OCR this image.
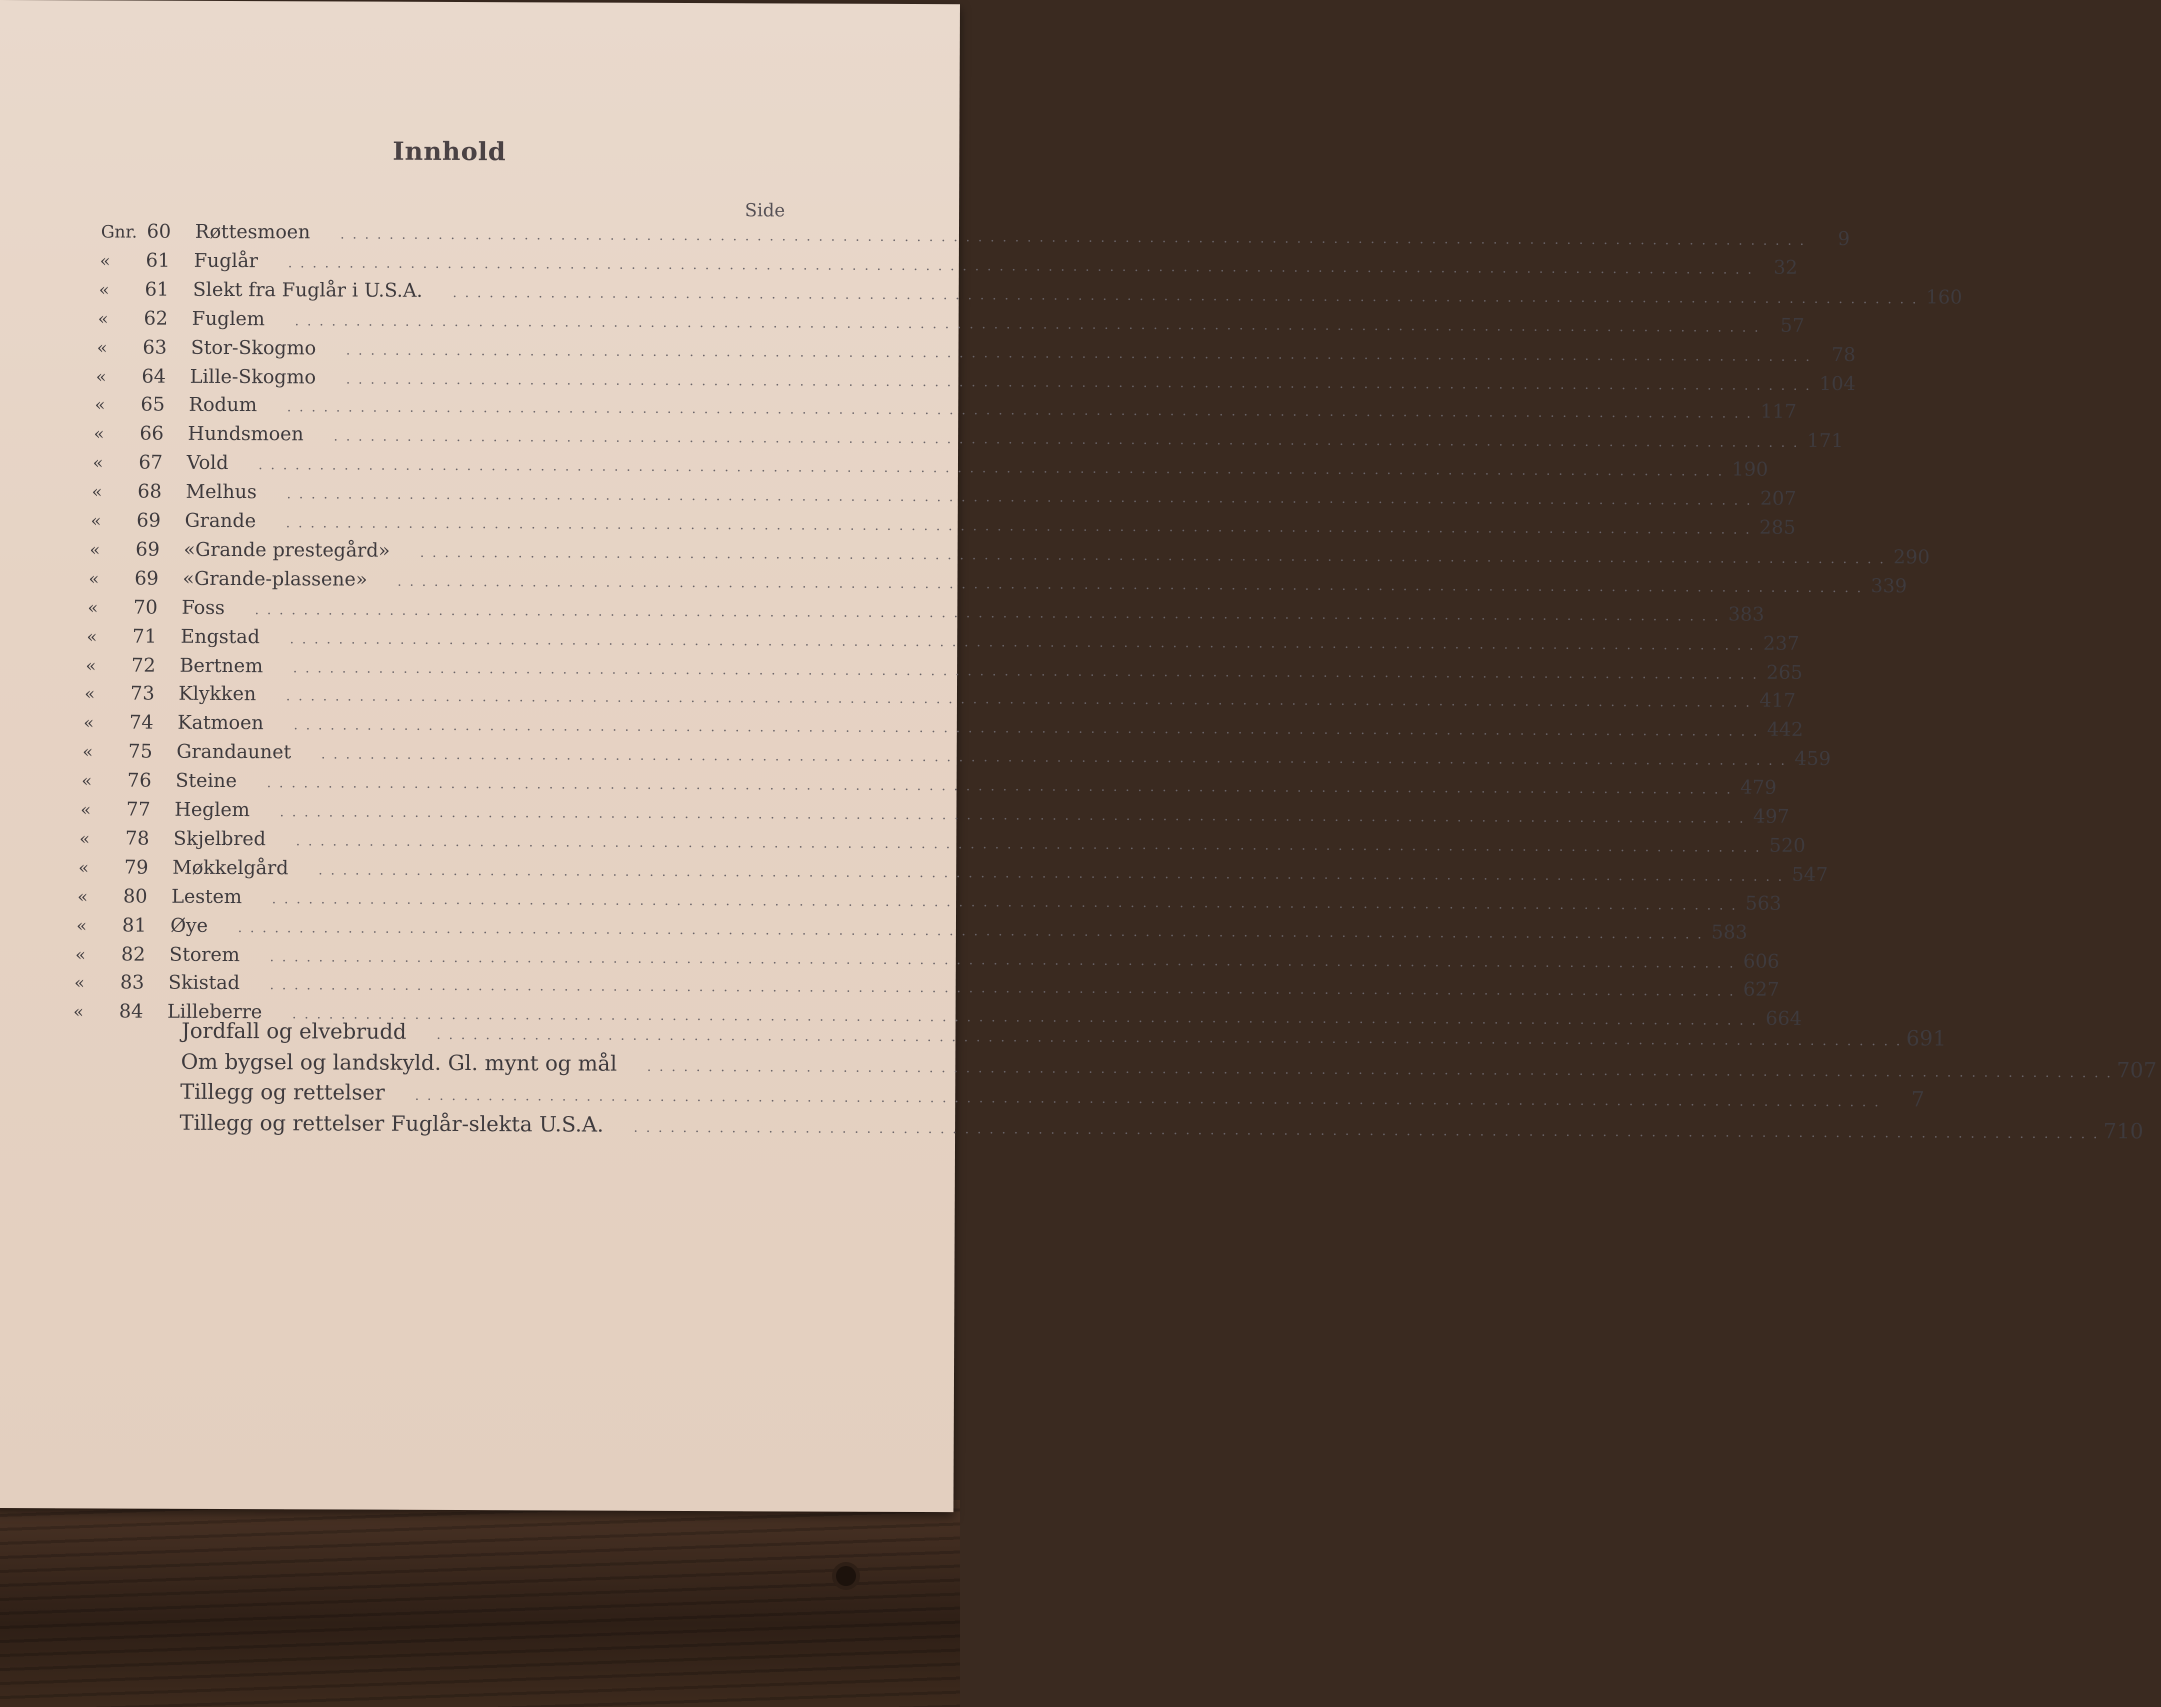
Innhold
Side
Gnr. 60	Røttesmoen	. . . . . . . . . . . . . . . . . . . . . . . . . . . . . . . . . . . . . . . . . . . . . . . . . . . . . . . . . . . . . . . . . . . . . . . . . . . . . . . . . . . . . . . . . . . . . . . . . . . . . . . . . . . . . . . . . . . . . . . .	9
«	61	Fuglår	. . . . . . . . . . . . . . . . . . . . . . . . . . . . . . . . . . . . . . . . . . . . . . . . . . . . . . . . . . . . . . . . . . . . . . . . . . . . . . . . . . . . . . . . . . . . . . . . . . . . . . . . . . . . . . . . . . . . . . . .	32
«	61	Slekt fra Fuglår i U.S.A.	. . . . . . . . . . . . . . . . . . . . . . . . . . . . . . . . . . . . . . . . . . . . . . . . . . . . . . . . . . . . . . . . . . . . . . . . . . . . . . . . . . . . . . . . . . . . . . . . . . . . . . . . . . . . . . . . . . . . . . . . 160
«	62	Fuglem	. . . . . . . . . . . . . . . . . . . . . . . . . . . . . . . . . . . . . . . . . . . . . . . . . . . . . . . . . . . . . . . . . . . . . . . . . . . . . . . . . . . . . . . . . . . . . . . . . . . . . . . . . . . . . . . . . . . . . . . .	57
«	63	Stor-Skogmo	. . . . . . . . . . . . . . . . . . . . . . . . . . . . . . . . . . . . . . . . . . . . . . . . . . . . . . . . . . . . . . . . . . . . . . . . . . . . . . . . . . . . . . . . . . . . . . . . . . . . . . . . . . . . . . . . . . . . . . . .	78
«	64	Lille-Skogmo	. . . . . . . . . . . . . . . . . . . . . . . . . . . . . . . . . . . . . . . . . . . . . . . . . . . . . . . . . . . . . . . . . . . . . . . . . . . . . . . . . . . . . . . . . . . . . . . . . . . . . . . . . . . . . . . . . . . . . . . . 104
«	65	Rodum	. . . . . . . . . . . . . . . . . . . . . . . . . . . . . . . . . . . . . . . . . . . . . . . . . . . . . . . . . . . . . . . . . . . . . . . . . . . . . . . . . . . . . . . . . . . . . . . . . . . . . . . . . . . . . . . . . . . . . . . . 117
«	66	Hundsmoen	. . . . . . . . . . . . . . . . . . . . . . . . . . . . . . . . . . . . . . . . . . . . . . . . . . . . . . . . . . . . . . . . . . . . . . . . . . . . . . . . . . . . . . . . . . . . . . . . . . . . . . . . . . . . . . . . . . . . . . . . 171
«	67	Vold	. . . . . . . . . . . . . . . . . . . . . . . . . . . . . . . . . . . . . . . . . . . . . . . . . . . . . . . . . . . . . . . . . . . . . . . . . . . . . . . . . . . . . . . . . . . . . . . . . . . . . . . . . . . . . . . . . . . . . . . . 190
«	68	Melhus	. . . . . . . . . . . . . . . . . . . . . . . . . . . . . . . . . . . . . . . . . . . . . . . . . . . . . . . . . . . . . . . . . . . . . . . . . . . . . . . . . . . . . . . . . . . . . . . . . . . . . . . . . . . . . . . . . . . . . . . . 207
«	69	Grande	. . . . . . . . . . . . . . . . . . . . . . . . . . . . . . . . . . . . . . . . . . . . . . . . . . . . . . . . . . . . . . . . . . . . . . . . . . . . . . . . . . . . . . . . . . . . . . . . . . . . . . . . . . . . . . . . . . . . . . . . 285
«	69	«Grande prestegård»	. . . . . . . . . . . . . . . . . . . . . . . . . . . . . . . . . . . . . . . . . . . . . . . . . . . . . . . . . . . . . . . . . . . . . . . . . . . . . . . . . . . . . . . . . . . . . . . . . . . . . . . . . . . . . . . . . . . . . . . . 290
«	69	«Grande-plassene»	. . . . . . . . . . . . . . . . . . . . . . . . . . . . . . . . . . . . . . . . . . . . . . . . . . . . . . . . . . . . . . . . . . . . . . . . . . . . . . . . . . . . . . . . . . . . . . . . . . . . . . . . . . . . . . . . . . . . . . . . 339
«	70	Foss	. . . . . . . . . . . . . . . . . . . . . . . . . . . . . . . . . . . . . . . . . . . . . . . . . . . . . . . . . . . . . . . . . . . . . . . . . . . . . . . . . . . . . . . . . . . . . . . . . . . . . . . . . . . . . . . . . . . . . . . . 383
«	71	Engstad	. . . . . . . . . . . . . . . . . . . . . . . . . . . . . . . . . . . . . . . . . . . . . . . . . . . . . . . . . . . . . . . . . . . . . . . . . . . . . . . . . . . . . . . . . . . . . . . . . . . . . . . . . . . . . . . . . . . . . . . . 237
«	72	Bertnem	. . . . . . . . . . . . . . . . . . . . . . . . . . . . . . . . . . . . . . . . . . . . . . . . . . . . . . . . . . . . . . . . . . . . . . . . . . . . . . . . . . . . . . . . . . . . . . . . . . . . . . . . . . . . . . . . . . . . . . . . 265
«	73	Klykken	. . . . . . . . . . . . . . . . . . . . . . . . . . . . . . . . . . . . . . . . . . . . . . . . . . . . . . . . . . . . . . . . . . . . . . . . . . . . . . . . . . . . . . . . . . . . . . . . . . . . . . . . . . . . . . . . . . . . . . . . 417
«	74	Katmoen	. . . . . . . . . . . . . . . . . . . . . . . . . . . . . . . . . . . . . . . . . . . . . . . . . . . . . . . . . . . . . . . . . . . . . . . . . . . . . . . . . . . . . . . . . . . . . . . . . . . . . . . . . . . . . . . . . . . . . . . . 442
«	75	Grandaunet	. . . . . . . . . . . . . . . . . . . . . . . . . . . . . . . . . . . . . . . . . . . . . . . . . . . . . . . . . . . . . . . . . . . . . . . . . . . . . . . . . . . . . . . . . . . . . . . . . . . . . . . . . . . . . . . . . . . . . . . . 459
«	76	Steine	. . . . . . . . . . . . . . . . . . . . . . . . . . . . . . . . . . . . . . . . . . . . . . . . . . . . . . . . . . . . . . . . . . . . . . . . . . . . . . . . . . . . . . . . . . . . . . . . . . . . . . . . . . . . . . . . . . . . . . . . 479
«	77	Heglem	. . . . . . . . . . . . . . . . . . . . . . . . . . . . . . . . . . . . . . . . . . . . . . . . . . . . . . . . . . . . . . . . . . . . . . . . . . . . . . . . . . . . . . . . . . . . . . . . . . . . . . . . . . . . . . . . . . . . . . . . 497
«	78	Skjelbred	. . . . . . . . . . . . . . . . . . . . . . . . . . . . . . . . . . . . . . . . . . . . . . . . . . . . . . . . . . . . . . . . . . . . . . . . . . . . . . . . . . . . . . . . . . . . . . . . . . . . . . . . . . . . . . . . . . . . . . . . 520
«	79	Møkkelgård	. . . . . . . . . . . . . . . . . . . . . . . . . . . . . . . . . . . . . . . . . . . . . . . . . . . . . . . . . . . . . . . . . . . . . . . . . . . . . . . . . . . . . . . . . . . . . . . . . . . . . . . . . . . . . . . . . . . . . . . . 547
«	80	Lestem	. . . . . . . . . . . . . . . . . . . . . . . . . . . . . . . . . . . . . . . . . . . . . . . . . . . . . . . . . . . . . . . . . . . . . . . . . . . . . . . . . . . . . . . . . . . . . . . . . . . . . . . . . . . . . . . . . . . . . . . . 563
«	81	Øye	. . . . . . . . . . . . . . . . . . . . . . . . . . . . . . . . . . . . . . . . . . . . . . . . . . . . . . . . . . . . . . . . . . . . . . . . . . . . . . . . . . . . . . . . . . . . . . . . . . . . . . . . . . . . . . . . . . . . . . . . 583
«	82	Storem	. . . . . . . . . . . . . . . . . . . . . . . . . . . . . . . . . . . . . . . . . . . . . . . . . . . . . . . . . . . . . . . . . . . . . . . . . . . . . . . . . . . . . . . . . . . . . . . . . . . . . . . . . . . . . . . . . . . . . . . . 606
«	83	Skistad	. . . . . . . . . . . . . . . . . . . . . . . . . . . . . . . . . . . . . . . . . . . . . . . . . . . . . . . . . . . . . . . . . . . . . . . . . . . . . . . . . . . . . . . . . . . . . . . . . . . . . . . . . . . . . . . . . . . . . . . . 627
«	84	Lilleberre	. . . . . . . . . . . . . . . . . . . . . . . . . . . . . . . . . . . . . . . . . . . . . . . . . . . . . . . . . . . . . . . . . . . . . . . . . . . . . . . . . . . . . . . . . . . . . . . . . . . . . . . . . . . . . . . . . . . . . . . . 664
Jordfall og elvebrudd	. . . . . . . . . . . . . . . . . . . . . . . . . . . . . . . . . . . . . . . . . . . . . . . . . . . . . . . . . . . . . . . . . . . . . . . . . . . . . . . . . . . . . . . . . . . . . . . . . . . . . . . . . . . . . . . . . . . . . . . . 691
Om bygsel og landskyld. Gl. mynt og mål	. . . . . . . . . . . . . . . . . . . . . . . . . . . . . . . . . . . . . . . . . . . . . . . . . . . . . . . . . . . . . . . . . . . . . . . . . . . . . . . . . . . . . . . . . . . . . . . . . . . . . . . . . . . . . . . . . . . . . . . . 707
Tillegg og rettelser	. . . . . . . . . . . . . . . . . . . . . . . . . . . . . . . . . . . . . . . . . . . . . . . . . . . . . . . . . . . . . . . . . . . . . . . . . . . . . . . . . . . . . . . . . . . . . . . . . . . . . . . . . . . . . . . . . . . . . . . .	7
Tillegg og rettelser Fuglår-slekta U.S.A.	. . . . . . . . . . . . . . . . . . . . . . . . . . . . . . . . . . . . . . . . . . . . . . . . . . . . . . . . . . . . . . . . . . . . . . . . . . . . . . . . . . . . . . . . . . . . . . . . . . . . . . . . . . . . . . . . . . . . . . . . 710
